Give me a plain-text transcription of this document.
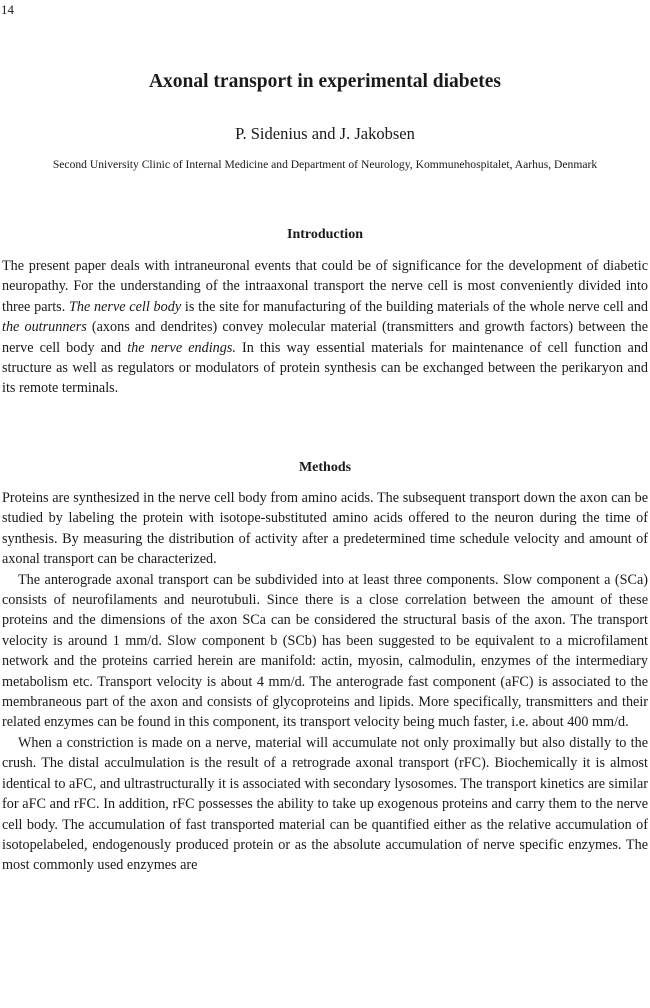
14
Axonal transport in experimental diabetes
P. Sidenius and J. Jakobsen
Second University Clinic of Internal Medicine and Department of Neurology, Kommunehospitalet, Aarhus, Denmark
Introduction

The present paper deals with intraneuronal events that could be of significance for the development of diabetic neuropathy. For the understanding of the intraaxonal transport the nerve cell is most conveniently divided into three parts. The nerve cell body is the site for manufacturing of the building materials of the whole nerve cell and the outrunners (axons and dendrites) convey molecular material (transmitters and growth factors) between the nerve cell body and the nerve endings. In this way essential materials for maintenance of cell function and structure as well as regulators or modulators of protein synthesis can be exchanged between the perikaryon and its remote terminals.

Methods

Proteins are synthesized in the nerve cell body from amino acids. The subsequent transport down the axon can be studied by labeling the protein with isotope-substituted amino acids offered to the neuron during the time of synthesis. By measuring the distribution of activity after a predetermined time schedule velocity and amount of axonal transport can be characterized.

The anterograde axonal transport can be subdivided into at least three components. Slow component a (SCa) consists of neurofilaments and neurotubuli. Since there is a close correlation between the amount of these proteins and the dimensions of the axon SCa can be considered the structural basis of the axon. The transport velocity is around 1 mm/d. Slow component b (SCb) has been suggested to be equivalent to a microfilament network and the proteins carried herein are manifold: actin, myosin, calmodulin, enzymes of the intermediary metabolism etc. Transport velocity is about 4 mm/d. The anterograde fast component (aFC) is associated to the membraneous part of the axon and consists of glycoproteins and lipids. More specifically, transmitters and their related enzymes can be found in this component, its transport velocity being much faster, i.e. about 400 mm/d.

When a constriction is made on a nerve, material will accumulate not only proximally but also distally to the crush. The distal acculmulation is the result of a retrograde axonal transport (rFC). Biochemically it is almost identical to aFC, and ultrastructurally it is associated with secondary lysosomes. The transport kinetics are similar for aFC and rFC. In addition, rFC possesses the ability to take up exogenous proteins and carry them to the nerve cell body. The accumulation of fast transported material can be quantified either as the relative accumulation of isotopelabeled, endogenously produced protein or as the absolute accumulation of nerve specific enzymes. The most commonly used enzymes are
